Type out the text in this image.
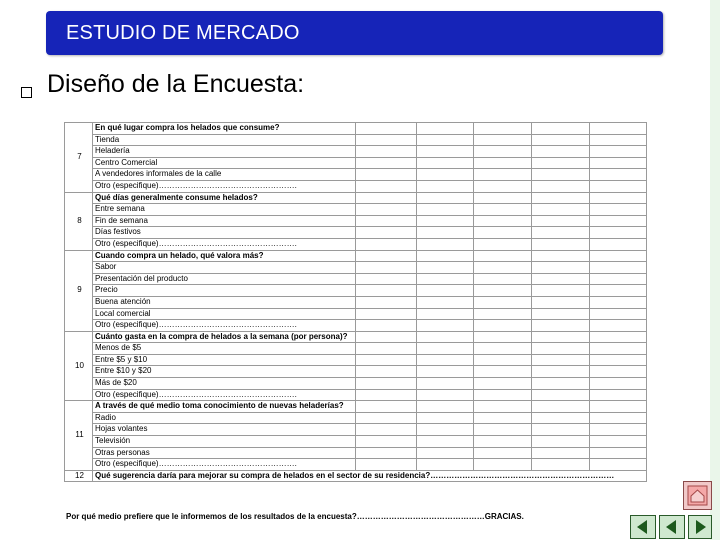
ESTUDIO DE MERCADO
Diseño de la Encuesta:
7	En qué lugar compra los helados que consume?					
	Tienda					
	Heladería					
	Centro Comercial					
	A vendedores informales de la calle					
	Otro (especifique)…………………………………………….					
8	Qué días generalmente consume helados?					
	Entre semana					
	Fin de semana					
	Días festivos					
	Otro (especifique)…………………………………………….					
9	Cuando compra un helado, qué valora más?					
	Sabor					
	Presentación del producto					
	Precio					
	Buena atención					
	Local comercial					
	Otro (especifique)…………………………………………….					
10	Cuánto gasta en la compra de helados a la semana (por persona)?					
	Menos de $5					
	Entre $5 y $10					
	Entre $10 y $20					
	Más de $20					
	Otro (especifique)…………………………………………….					
11	A través de qué medio toma conocimiento de nuevas heladerías?					
	Radio					
	Hojas volantes					
	Televisión					
	Otras personas					
	Otro (especifique)…………………………………………….					
12	Qué sugerencia daría para mejorar su compra de helados en el sector de su residencia?……………………………………………………………					
Por qué medio prefiere que le informemos de los resultados de la encuesta?…………………………………………GRACIAS.
